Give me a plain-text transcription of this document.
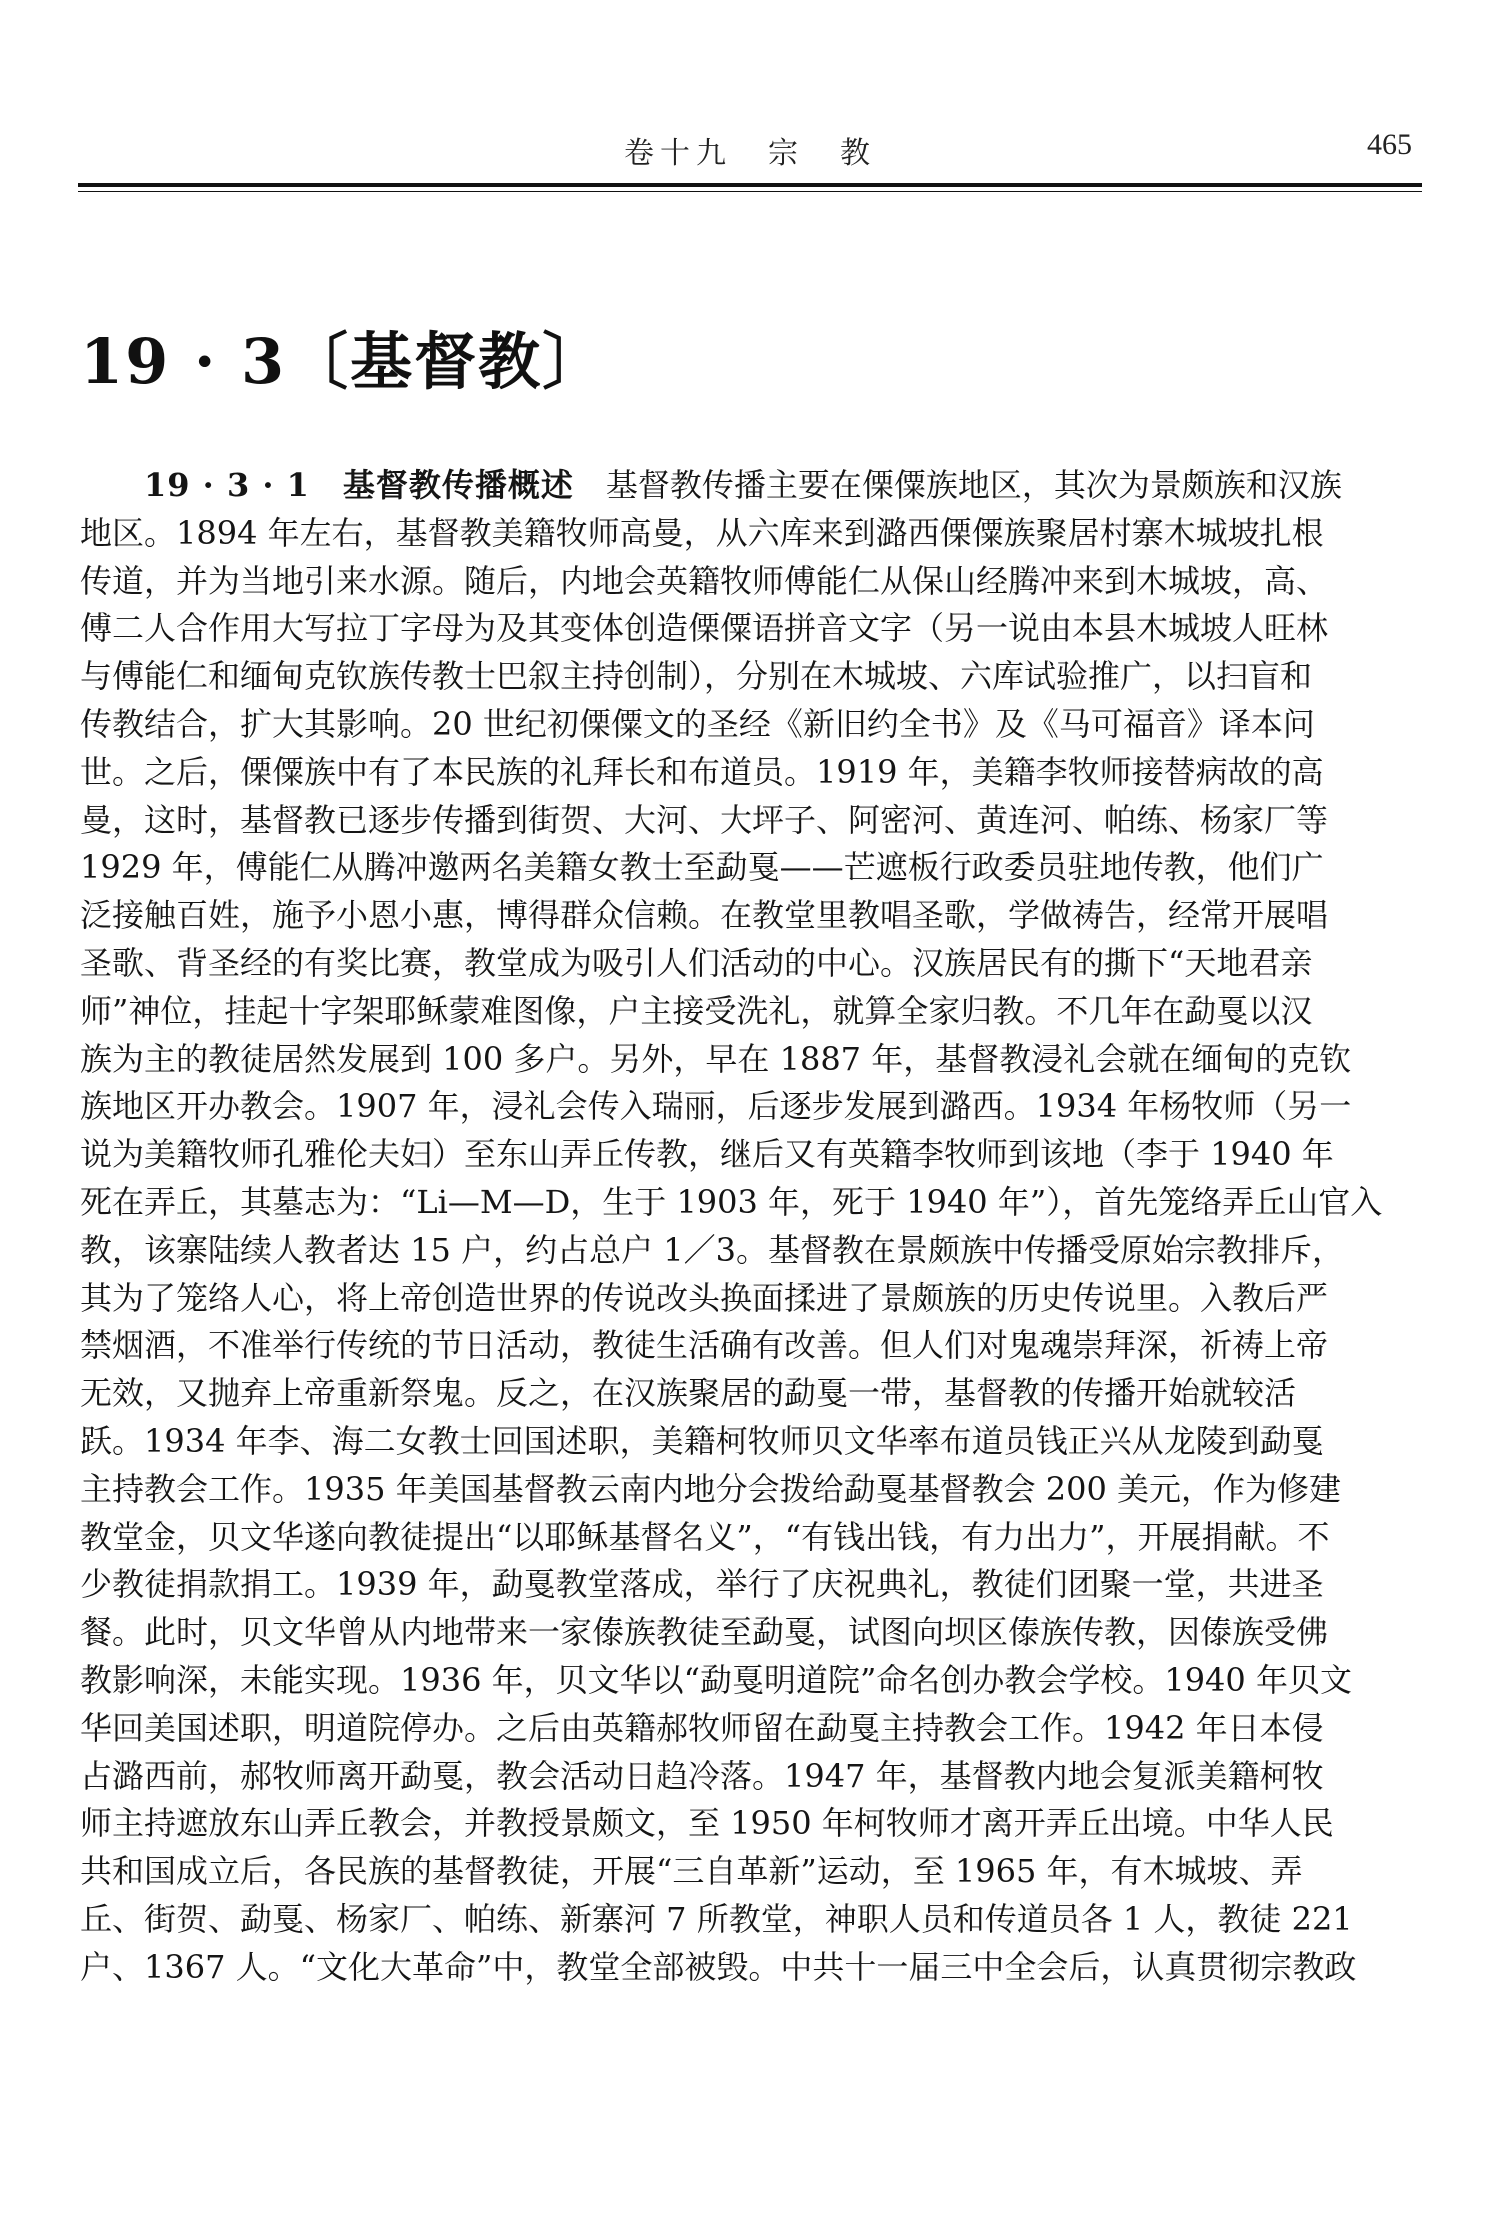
卷十九　宗　教	465
19 · 3〔基督教〕
19 · 3 · 1　基督教传播概述　基督教传播主要在傈僳族地区，其次为景颇族和汉族
地区。1894 年左右，基督教美籍牧师高曼，从六库来到潞西傈僳族聚居村寨木城坡扎根
传道，并为当地引来水源。随后，内地会英籍牧师傅能仁从保山经腾冲来到木城坡，高、
傅二人合作用大写拉丁字母为及其变体创造傈僳语拼音文字（另一说由本县木城坡人旺林
与傅能仁和缅甸克钦族传教士巴叙主持创制），分别在木城坡、六库试验推广，以扫盲和
传教结合，扩大其影响。20 世纪初傈僳文的圣经《新旧约全书》及《马可福音》译本问
世。之后，傈僳族中有了本民族的礼拜长和布道员。1919 年，美籍李牧师接替病故的高
曼，这时，基督教已逐步传播到街贺、大河、大坪子、阿密河、黄连河、帕练、杨家厂等
1929 年，傅能仁从腾冲邀两名美籍女教士至勐戛——芒遮板行政委员驻地传教，他们广
泛接触百姓，施予小恩小惠，博得群众信赖。在教堂里教唱圣歌，学做祷告，经常开展唱
圣歌、背圣经的有奖比赛，教堂成为吸引人们活动的中心。汉族居民有的撕下“天地君亲
师”神位，挂起十字架耶稣蒙难图像，户主接受洗礼，就算全家归教。不几年在勐戛以汉
族为主的教徒居然发展到 100 多户。另外，早在 1887 年，基督教浸礼会就在缅甸的克钦
族地区开办教会。1907 年，浸礼会传入瑞丽，后逐步发展到潞西。1934 年杨牧师（另一
说为美籍牧师孔雅伦夫妇）至东山弄丘传教，继后又有英籍李牧师到该地（李于 1940 年
死在弄丘，其墓志为：“Li—M—D，生于 1903 年，死于 1940 年”），首先笼络弄丘山官入
教，该寨陆续人教者达 15 户，约占总户 1／3。基督教在景颇族中传播受原始宗教排斥，
其为了笼络人心，将上帝创造世界的传说改头换面揉进了景颇族的历史传说里。入教后严
禁烟酒，不准举行传统的节日活动，教徒生活确有改善。但人们对鬼魂崇拜深，祈祷上帝
无效，又抛弃上帝重新祭鬼。反之，在汉族聚居的勐戛一带，基督教的传播开始就较活
跃。1934 年李、海二女教士回国述职，美籍柯牧师贝文华率布道员钱正兴从龙陵到勐戛
主持教会工作。1935 年美国基督教云南内地分会拨给勐戛基督教会 200 美元，作为修建
教堂金，贝文华遂向教徒提出“以耶稣基督名义”，“有钱出钱，有力出力”，开展捐献。不
少教徒捐款捐工。1939 年，勐戛教堂落成，举行了庆祝典礼，教徒们团聚一堂，共进圣
餐。此时，贝文华曾从内地带来一家傣族教徒至勐戛，试图向坝区傣族传教，因傣族受佛
教影响深，未能实现。1936 年，贝文华以“勐戛明道院”命名创办教会学校。1940 年贝文
华回美国述职，明道院停办。之后由英籍郝牧师留在勐戛主持教会工作。1942 年日本侵
占潞西前，郝牧师离开勐戛，教会活动日趋冷落。1947 年，基督教内地会复派美籍柯牧
师主持遮放东山弄丘教会，并教授景颇文，至 1950 年柯牧师才离开弄丘出境。中华人民
共和国成立后，各民族的基督教徒，开展“三自革新”运动，至 1965 年，有木城坡、弄
丘、街贺、勐戛、杨家厂、帕练、新寨河 7 所教堂，神职人员和传道员各 1 人，教徒 221
户、1367 人。“文化大革命”中，教堂全部被毁。中共十一届三中全会后，认真贯彻宗教政
